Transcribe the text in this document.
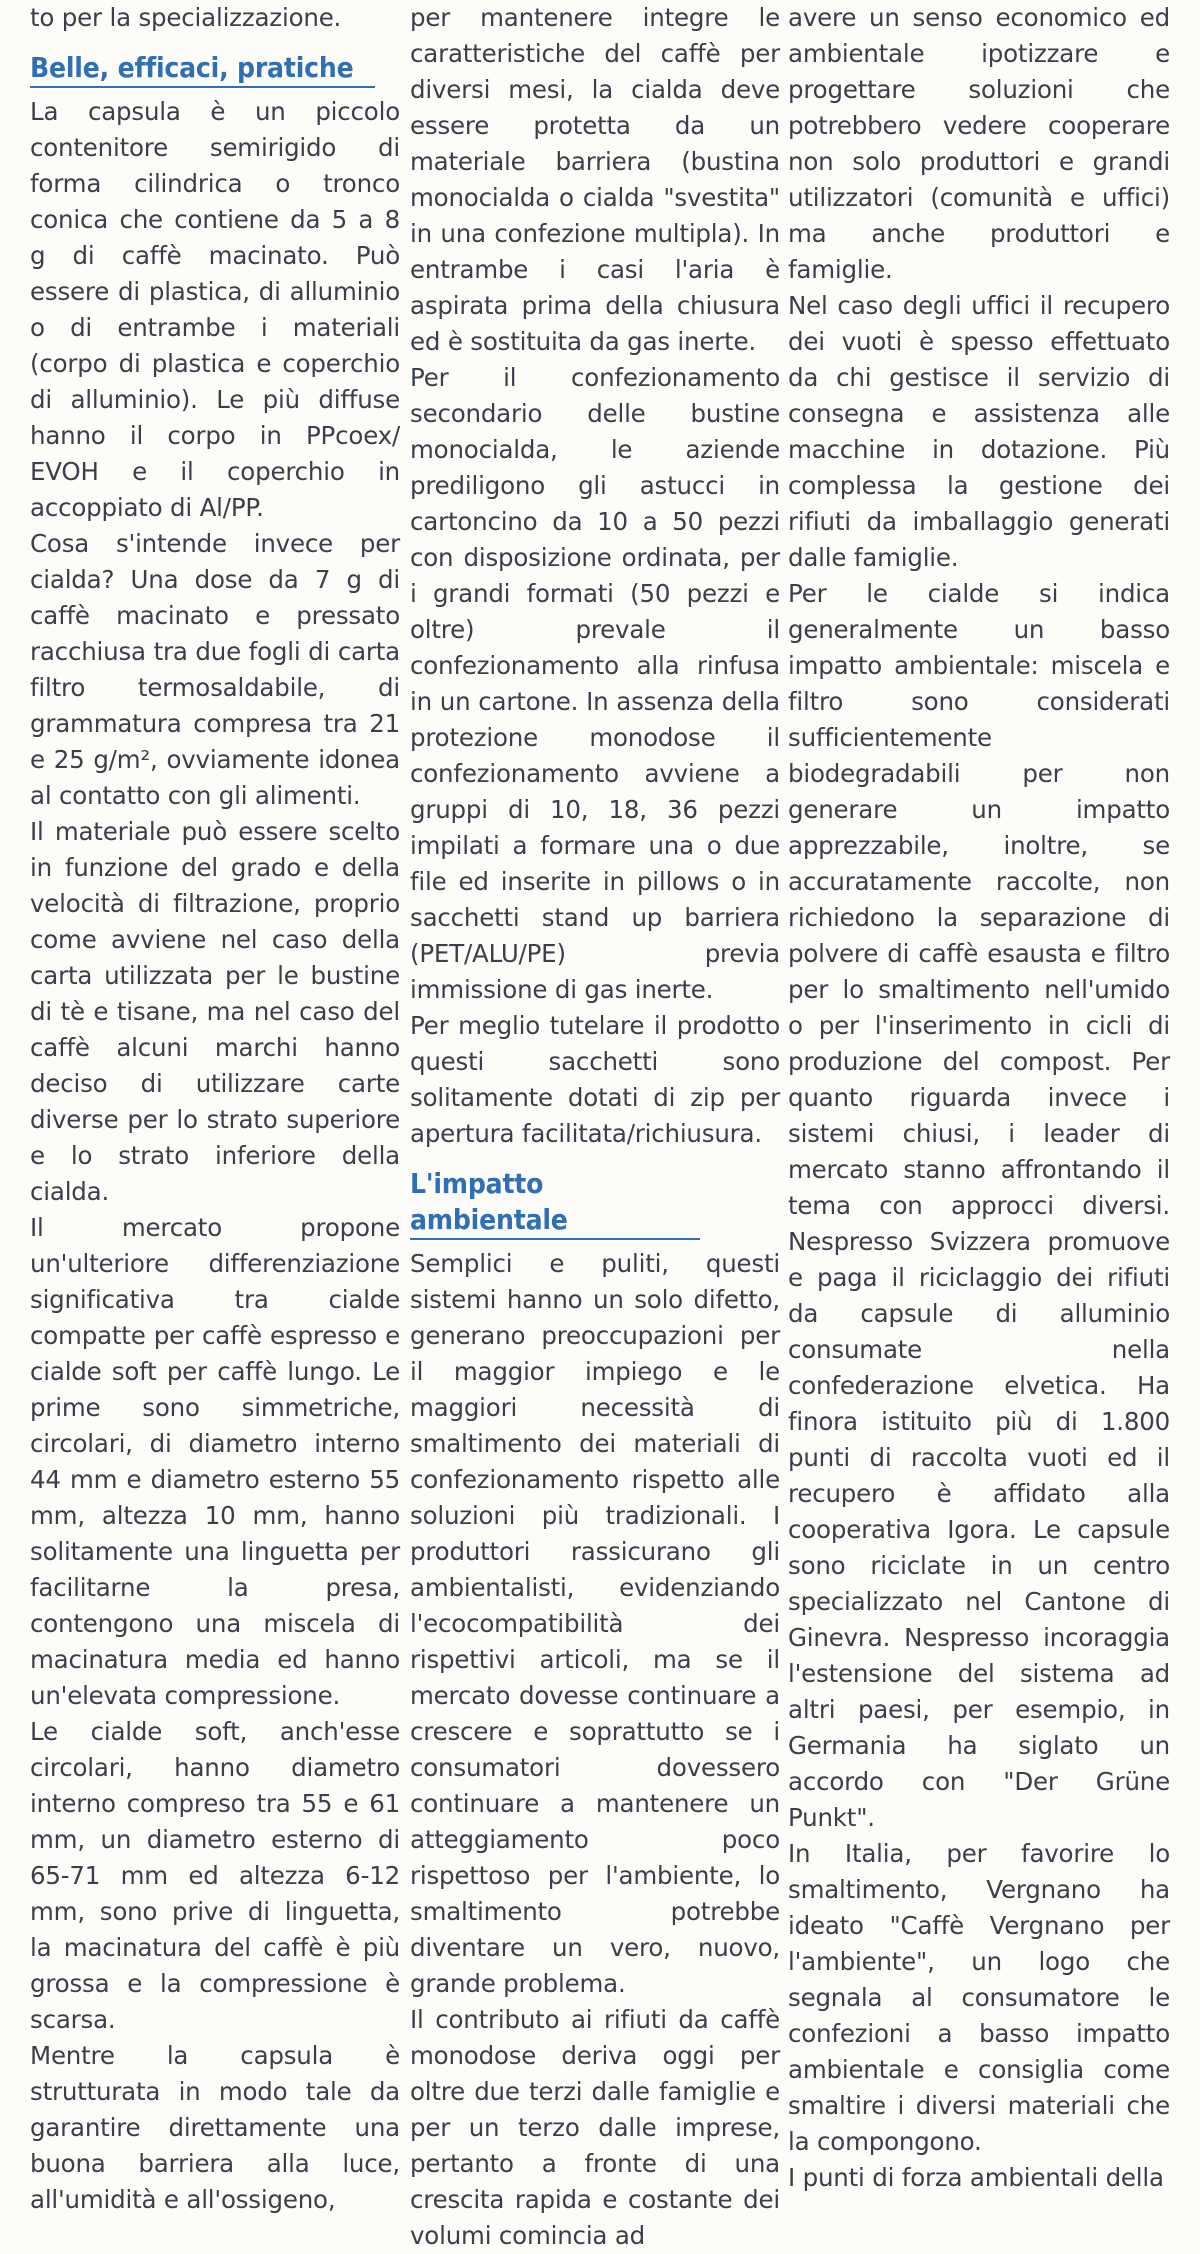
to per la specializzazione.

Belle, efficaci, pratiche

La capsula è un piccolo contenitore semirigido di forma cilindrica o tronco conica che contiene da 5 a 8 g di caffè macinato. Può essere di plastica, di alluminio o di entrambe i materiali (corpo di plastica e coperchio di alluminio). Le più diffuse hanno il corpo in PPcoex/ EVOH e il coperchio in accoppiato di Al/PP.

Cosa s'intende invece per cialda? Una dose da 7 g di caffè macinato e pressato racchiusa tra due fogli di carta filtro termosaldabile, di grammatura compresa tra 21 e 25 g/m², ovviamente idonea al contatto con gli alimenti.

Il materiale può essere scelto in funzione del grado e della velocità di filtrazione, proprio come avviene nel caso della carta utilizzata per le bustine di tè e tisane, ma nel caso del caffè alcuni marchi hanno deciso di utilizzare carte diverse per lo strato superiore e lo strato inferiore della cialda.

Il mercato propone un'ulteriore differenziazione significativa tra cialde compatte per caffè espresso e cialde soft per caffè lungo. Le prime sono simmetriche, circolari, di diametro interno 44 mm e diametro esterno 55 mm, altezza 10 mm, hanno solitamente una linguetta per facilitarne la presa, contengono una miscela di macinatura media ed hanno un'elevata compressione.

Le cialde soft, anch'esse circolari, hanno diametro interno compreso tra 55 e 61 mm, un diametro esterno di 65-71 mm ed altezza 6-12 mm, sono prive di linguetta, la macinatura del caffè è più grossa e la compressione è scarsa.

Mentre la capsula è strutturata in modo tale da garantire direttamente una buona barriera alla luce, all'umidità e all'ossigeno,

per mantenere integre le caratteristiche del caffè per diversi mesi, la cialda deve essere protetta da un materiale barriera (bustina monocialda o cialda "svestita" in una confezione multipla). In entrambe i casi l'aria è aspirata prima della chiusura ed è sostituita da gas inerte.

Per il confezionamento secondario delle bustine monocialda, le aziende prediligono gli astucci in cartoncino da 10 a 50 pezzi con disposizione ordinata, per i grandi formati (50 pezzi e oltre) prevale il confezionamento alla rinfusa in un cartone. In assenza della protezione monodose il confezionamento avviene a gruppi di 10, 18, 36 pezzi impilati a formare una o due file ed inserite in pillows o in sacchetti stand up barriera (PET/ALU/PE) previa immissione di gas inerte.

Per meglio tutelare il prodotto questi sacchetti sono solitamente dotati di zip per apertura facilitata/richiusura.

L'impatto ambientale

Semplici e puliti, questi sistemi hanno un solo difetto, generano preoccupazioni per il maggior impiego e le maggiori necessità di smaltimento dei materiali di confezionamento rispetto alle soluzioni più tradizionali. I produttori rassicurano gli ambientalisti, evidenziando l'ecocompatibilità dei rispettivi articoli, ma se il mercato dovesse continuare a crescere e soprattutto se i consumatori dovessero continuare a mantenere un atteggiamento poco rispettoso per l'ambiente, lo smaltimento potrebbe diventare un vero, nuovo, grande problema.

Il contributo ai rifiuti da caffè monodose deriva oggi per oltre due terzi dalle famiglie e per un terzo dalle imprese, pertanto a fronte di una crescita rapida e costante dei volumi comincia ad

avere un senso economico ed ambientale ipotizzare e progettare soluzioni che potrebbero vedere cooperare non solo produttori e grandi utilizzatori (comunità e uffici) ma anche produttori e famiglie.

Nel caso degli uffici il recupero dei vuoti è spesso effettuato da chi gestisce il servizio di consegna e assistenza alle macchine in dotazione. Più complessa la gestione dei rifiuti da imballaggio generati dalle famiglie.

Per le cialde si indica generalmente un basso impatto ambientale: miscela e filtro sono considerati sufficientemente biodegradabili per non generare un impatto apprezzabile, inoltre, se accuratamente raccolte, non richiedono la separazione di polvere di caffè esausta e filtro per lo smaltimento nell'umido o per l'inserimento in cicli di produzione del compost. Per quanto riguarda invece i sistemi chiusi, i leader di mercato stanno affrontando il tema con approcci diversi. Nespresso Svizzera promuove e paga il riciclaggio dei rifiuti da capsule di alluminio consumate nella confederazione elvetica. Ha finora istituito più di 1.800 punti di raccolta vuoti ed il recupero è affidato alla cooperativa Igora. Le capsule sono riciclate in un centro specializzato nel Cantone di Ginevra. Nespresso incoraggia l'estensione del sistema ad altri paesi, per esempio, in Germania ha siglato un accordo con "Der Grüne Punkt".

In Italia, per favorire lo smaltimento, Vergnano ha ideato "Caffè Vergnano per l'ambiente", un logo che segnala al consumatore le confezioni a basso impatto ambientale e consiglia come smaltire i diversi materiali che la compongono.

I punti di forza ambientali della
